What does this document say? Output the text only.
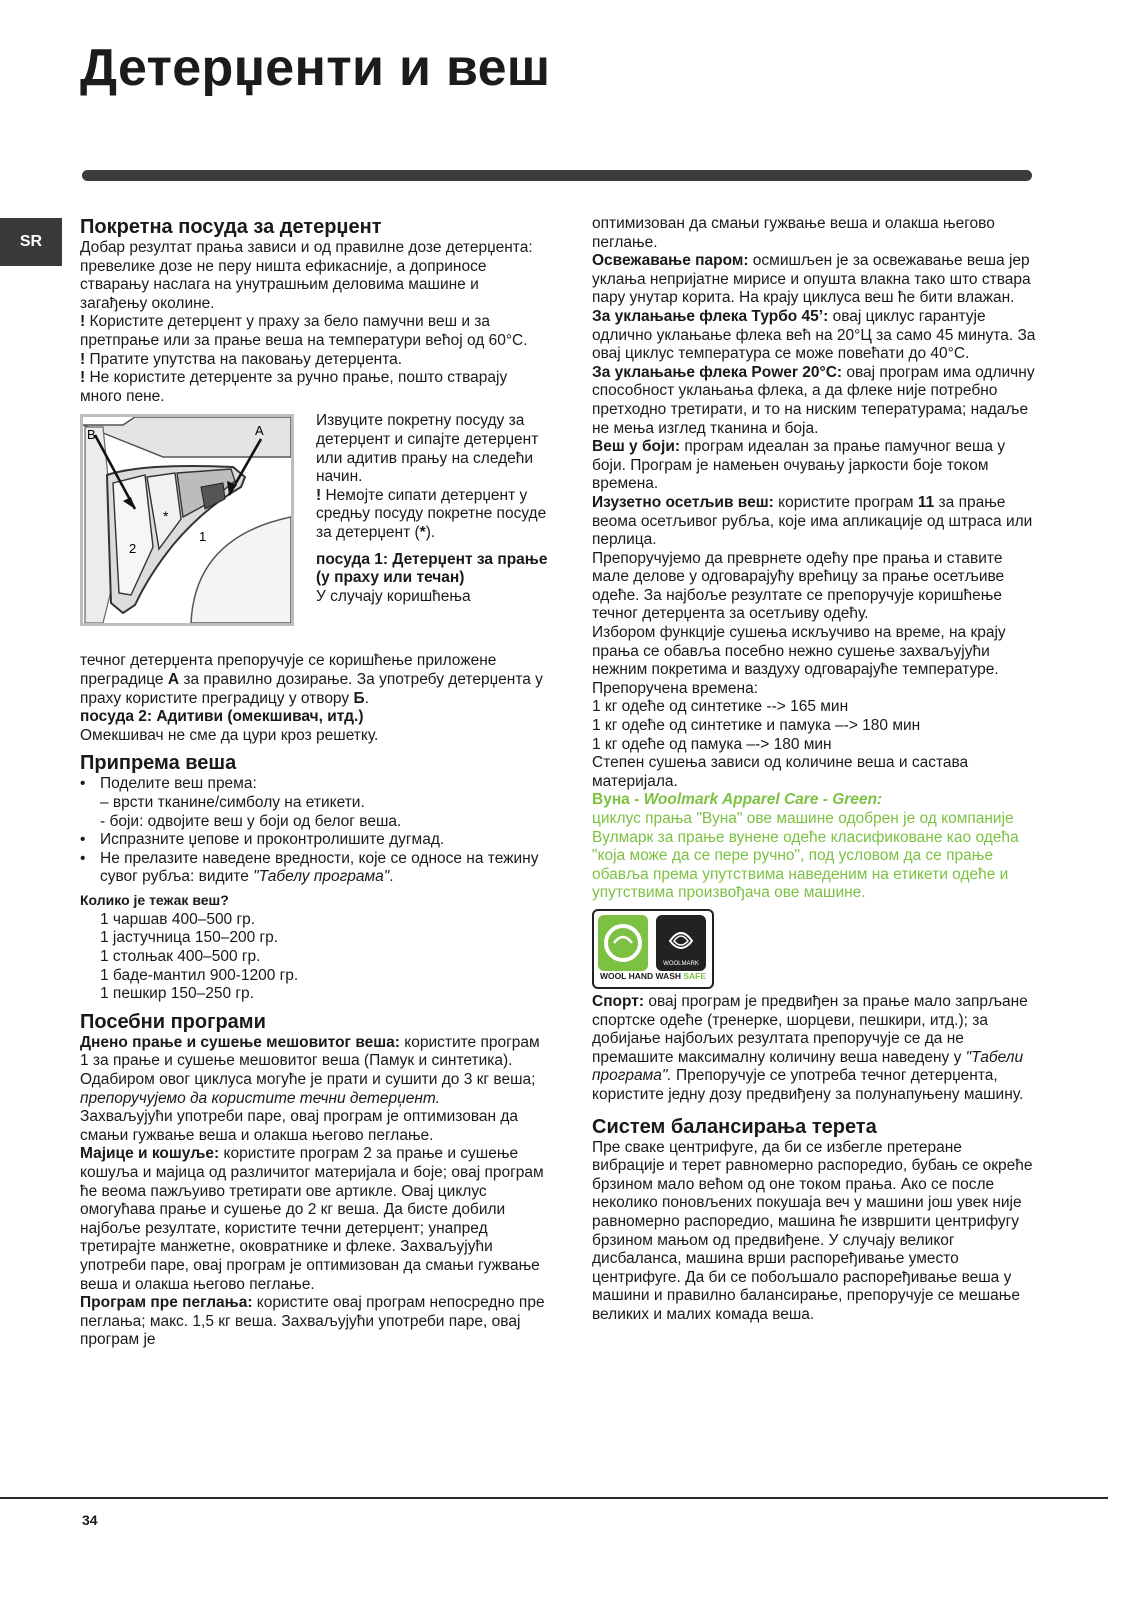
Детерџенти и веш
SR
Покретна посуда за детерџент

Добар резултат прања зависи и од правилне дозе детерџента: превелике дозе не перу ништа ефикасније, а доприносе стварању наслага на унутрашњим деловима машине и загађењу околине.

! Користите детерџент у праху за бело памучни веш и за претпрање или за прање веша на температури већој од 60°C.

! Пратите упутства на паковању детерџента.

! Не користите детерџенте за ручно прање, пошто стварају много пене.

B	A
2
*
1

Извуците покретну посуду за детерџент и сипајте детерџент или адитив прању на следећи начин.

! Немојте сипати детерџент у средњу посуду покретне посуде за детерџент (*).

посуда 1: Детерџент за прање (у праху или течан)

У случају коришћења

течног детерџента препоручује се коришћење приложене преградице А за правилно дозирање. За употребу детерџента у праху користите преградицу у отвору Б.

посуда 2: Адитиви (омекшивач, итд.)

Омекшивач не сме да цури кроз решетку.

Припрема веша
• Поделите веш према:
– врсти тканине/симболу на етикети.
- боји: одвојите веш у боји од белог веша.
• Испразните џепове и проконтролишите дугмад.
• Не прелазите наведене вредности, које се односе на тежину сувог рубља: видите "Табелу програма".
Колико је тежак веш?

1 чаршав 400–500 гр.

1 јастучница 150–200 гр.

1 столњак 400–500 гр.

1 баде-мантил 900-1200 гр.

1 пешкир 150–250 гр.

Посебни програми

Днено прање и сушење мешовитог веша: користите програм 1 за прање и сушење мешовитог веша (Памук и синтетика). Одабиром овог циклуса могуће је прати и сушити до 3 кг веша; препоручујемо да користите течни детерџент.

Захваљујући употреби паре, овај програм је оптимизован да смањи гужвање веша и олакша његово пеглање.

Мајице и кошуље: користите програм 2 за прање и сушење кошуља и мајица од различитог материјала и боје; овај програм ће веома пажљуиво третирати ове артикле. Овај циклус омогућава прање и сушење до 2 кг веша. Да бисте добили најбоље резултате, користите течни детерџент; унапред третирајте манжетне, оковратнике и флеке. Захваљујући употреби паре, овај програм је оптимизован да смањи гужвање веша и олакша његово пеглање.

Програм пре пеглања: користите овај програм непосредно пре пеглања; макс. 1,5 кг веша. Захваљујући употреби паре, овај програм је

оптимизован да смањи гужвање веша и олакша његово пеглање.

Освежавање паром: осмишљен је за освежавање веша јер уклања непријатне мирисе и опушта влакна тако што ствара пару унутар корита. На крају циклуса веш ће бити влажан.

За уклањање флека Турбо 45’: овај циклус гарантује одлично уклањање флека већ на 20°Ц за само 45 минута. За овај циклус температура се може повећати до 40°C.

За уклањање флека Power 20°C: овај програм има одличну способност уклањања флека, а да флеке није потребно претходно третирати, и то на ниским тепературама; надаље не мења изглед тканина и боја.

Веш у боји: програм идеалан за прање памучног веша у боји. Програм је намењен очувању јаркости боје током времена.

Изузетно осетљив веш: користите програм 11 за прање веома осетљивог рубља, које има апликације од штраса или перлица.

Препоручујемо да преврнете одећу пре прања и ставите мале делове у одговарајућу врећицу за прање осетљиве одеће. За најбоље резултате се препоручује коришћење течног детерџента за осетљиву одећу.

Избором функције сушења искључиво на време, на крају прања се обавља посебно нежно сушење захваљујући нежним покретима и ваздуху одговарајуће температуре.

Препоручена времена:

1 кг одеће од синтетике --> 165 мин

1 кг одеће од синтетике и памука –-> 180 мин

1 кг одеће од памука –-> 180 мин

Степен сушења зависи од количине веша и састава материјала.

Вуна - Woolmark Apparel Care - Green:

циклус прања "Вуна" ове машине одобрен је од компаније Вулмарк за прање вунене одеће класификоване као одећа "која може да се пере ручно", под условом да се прање обавља према упутствима наведеним на етикети одеће и упутствима произвођача ове машине.

WOOLMARK
WOOL HAND WASH SAFE

Спорт: овај програм је предвиђен за прање мало запрљане спортске одеће (тренерке, шорцеви, пешкири, итд.); за добијање најбољих резултата препоручује се да не премашите максималну количину веша наведену у "Табели програма". Препоручује се употреба течног детерџента, користите једну дозу предвиђену за полунапуњену машину.

Систем балансирања терета

Пре сваке центрифуге, да би се избегле претеране вибрације и терет равномерно распоредио, бубањ се окреће брзином мало већом од оне током прања. Ако се после неколико поновљених покушаја веч у машини још увек није равномерно распоредио, машина ће извршити центрифугу брзином мањом од предвиђене. У случају великог дисбаланса, машина врши распоређивање уместо центрифуге. Да би се побољшало распоређивање веша у машини и правилно балансирање, препоручује се мешање великих и малих комада веша.

34
